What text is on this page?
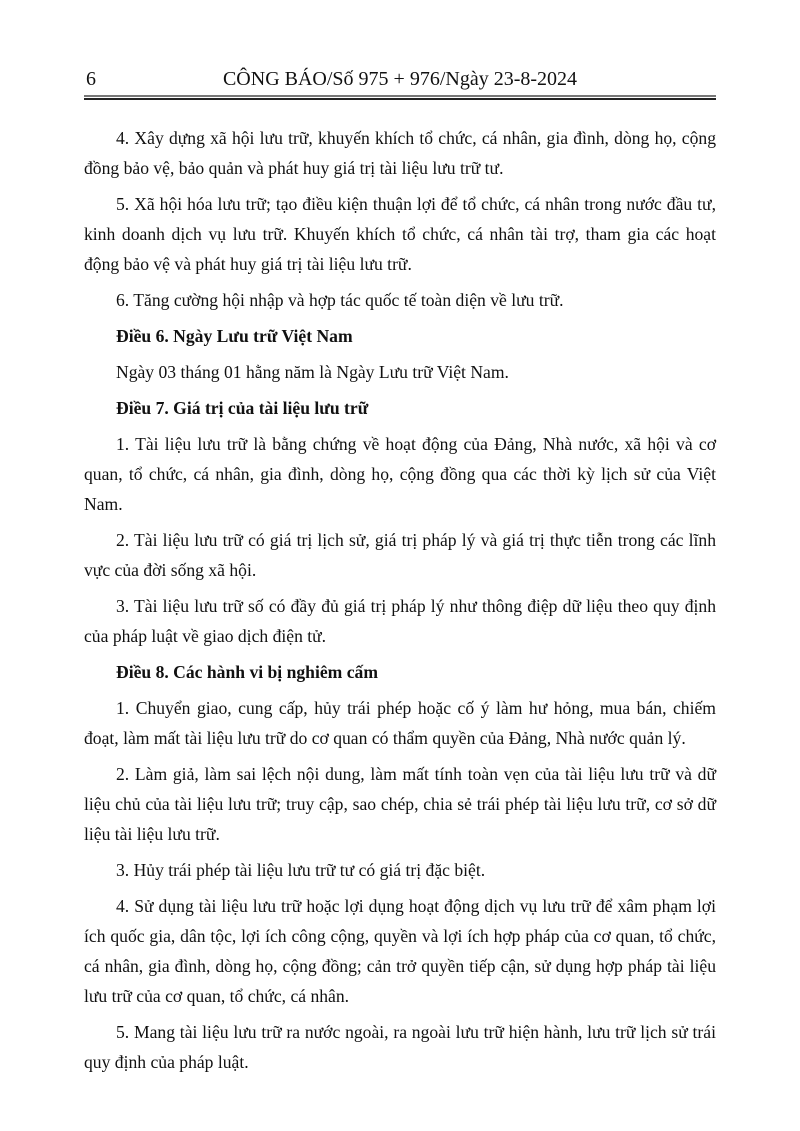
6	CÔNG BÁO/Số 975 + 976/Ngày 23-8-2024

4. Xây dựng xã hội lưu trữ, khuyến khích tổ chức, cá nhân, gia đình, dòng họ, cộng đồng bảo vệ, bảo quản và phát huy giá trị tài liệu lưu trữ tư.

5. Xã hội hóa lưu trữ; tạo điều kiện thuận lợi để tổ chức, cá nhân trong nước đầu tư, kinh doanh dịch vụ lưu trữ. Khuyến khích tổ chức, cá nhân tài trợ, tham gia các hoạt động bảo vệ và phát huy giá trị tài liệu lưu trữ.

6. Tăng cường hội nhập và hợp tác quốc tế toàn diện về lưu trữ.

Điều 6. Ngày Lưu trữ Việt Nam

Ngày 03 tháng 01 hằng năm là Ngày Lưu trữ Việt Nam.

Điều 7. Giá trị của tài liệu lưu trữ

1. Tài liệu lưu trữ là bằng chứng về hoạt động của Đảng, Nhà nước, xã hội và cơ quan, tổ chức, cá nhân, gia đình, dòng họ, cộng đồng qua các thời kỳ lịch sử của Việt Nam.

2. Tài liệu lưu trữ có giá trị lịch sử, giá trị pháp lý và giá trị thực tiễn trong các lĩnh vực của đời sống xã hội.

3. Tài liệu lưu trữ số có đầy đủ giá trị pháp lý như thông điệp dữ liệu theo quy định của pháp luật về giao dịch điện tử.

Điều 8. Các hành vi bị nghiêm cấm

1. Chuyển giao, cung cấp, hủy trái phép hoặc cố ý làm hư hỏng, mua bán, chiếm đoạt, làm mất tài liệu lưu trữ do cơ quan có thẩm quyền của Đảng, Nhà nước quản lý.

2. Làm giả, làm sai lệch nội dung, làm mất tính toàn vẹn của tài liệu lưu trữ và dữ liệu chủ của tài liệu lưu trữ; truy cập, sao chép, chia sẻ trái phép tài liệu lưu trữ, cơ sở dữ liệu tài liệu lưu trữ.

3. Hủy trái phép tài liệu lưu trữ tư có giá trị đặc biệt.

4. Sử dụng tài liệu lưu trữ hoặc lợi dụng hoạt động dịch vụ lưu trữ để xâm phạm lợi ích quốc gia, dân tộc, lợi ích công cộng, quyền và lợi ích hợp pháp của cơ quan, tổ chức, cá nhân, gia đình, dòng họ, cộng đồng; cản trở quyền tiếp cận, sử dụng hợp pháp tài liệu lưu trữ của cơ quan, tổ chức, cá nhân.

5. Mang tài liệu lưu trữ ra nước ngoài, ra ngoài lưu trữ hiện hành, lưu trữ lịch sử trái quy định của pháp luật.
